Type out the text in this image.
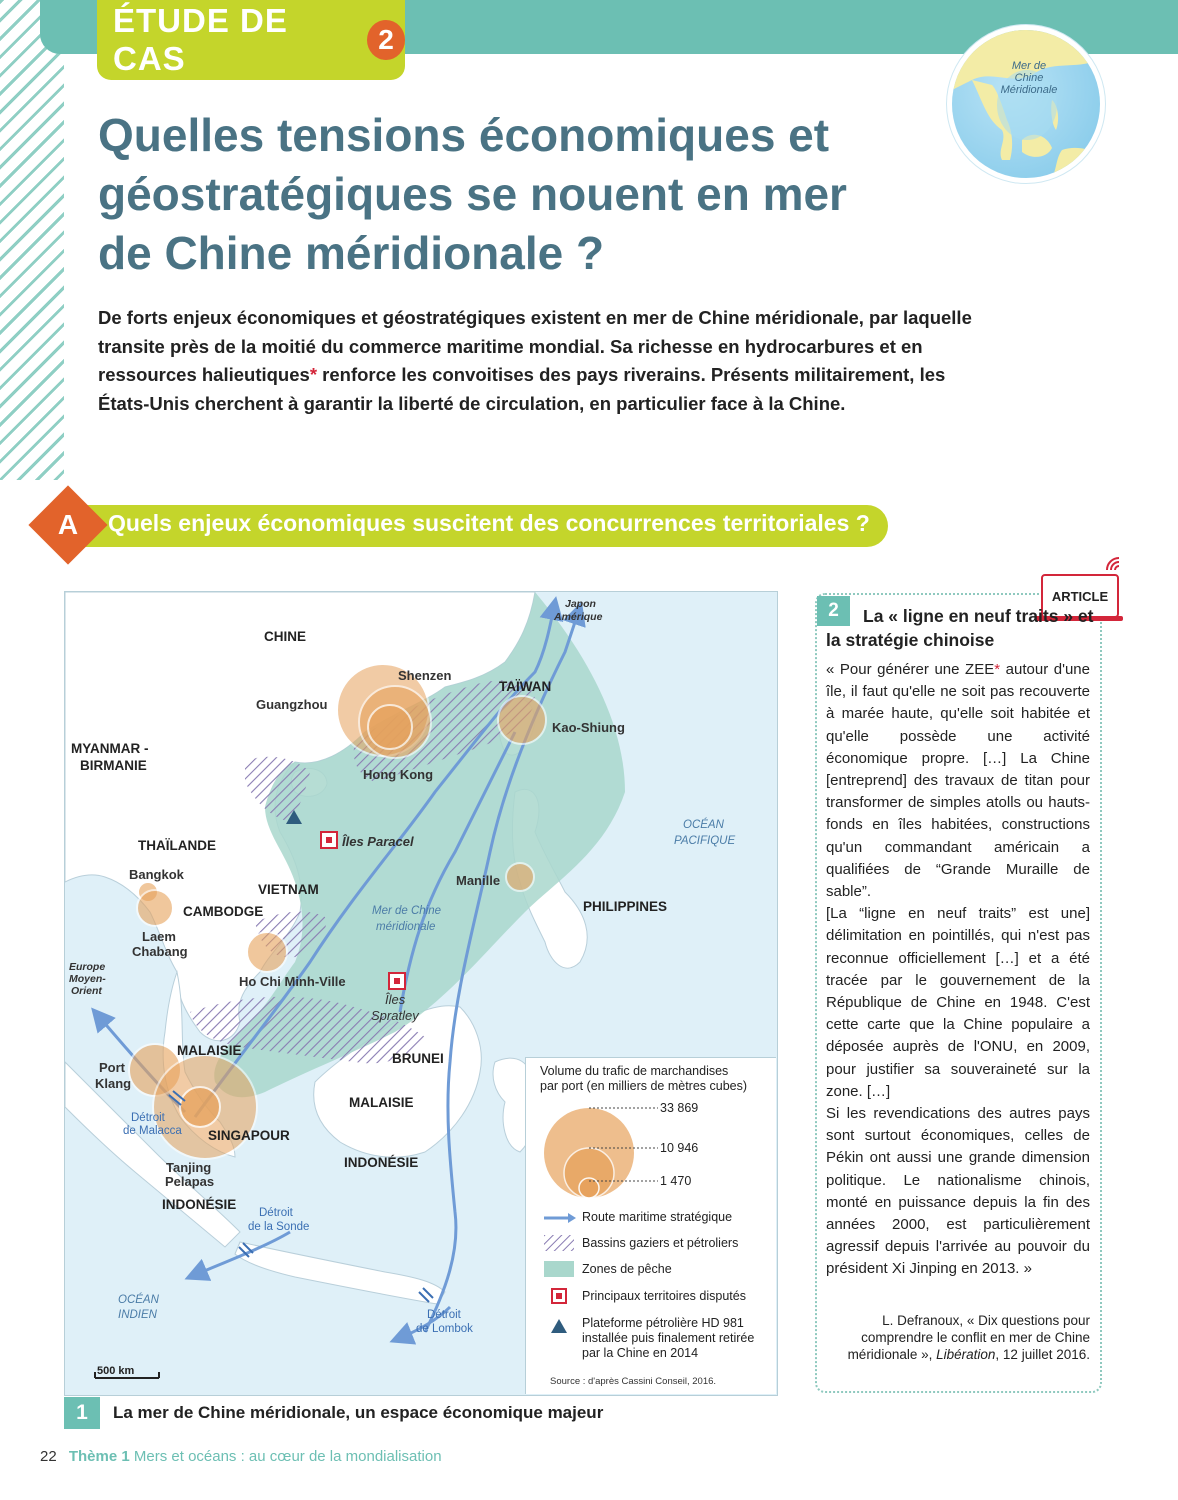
ÉTUDE DE CAS
2
Mer de Chine Méridionale
Quelles tensions économiques et géostratégiques se nouent en mer de Chine méridionale ?

De forts enjeux économiques et géostratégiques existent en mer de Chine méridionale, par laquelle transite près de la moitié du commerce maritime mondial. Sa richesse en hydrocarbures et en ressources halieutiques* renforce les convoitises des pays riverains. Présents militairement, les États-Unis cherchent à garantir la liberté de circulation, en particulier face à la Chine.

A	Quels enjeux économiques suscitent des concurrences territoriales ?
CHINE
MYANMAR -
BIRMANIE
THAÏLANDE
CAMBODGE
VIETNAM
TAÏWAN
PHILIPPINES
MALAISIE
MALAISIE
BRUNEI
SINGAPOUR
INDONÉSIE
INDONÉSIE
Shenzen
Guangzhou
Hong Kong
Kao-Shiung
Manille
Bangkok
Laem
Chabang
Ho Chi Minh-Ville
Port
Klang
Tanjing
Pelapas
Îles Paracel
Îles
Spratley
OCÉAN
PACIFIQUE
OCÉAN
INDIEN
Mer de Chine
méridionale
Japon
Amérique
Europe
Moyen-
Orient
Détroit
de Malacca
Détroit
de la Sonde
Détroit
de Lombok
500 km
Volume du trafic de marchandises
par port (en milliers de mètres cubes)
33 869
10 946
1 470
Route maritime stratégique
Bassins gaziers et pétroliers
Zones de pêche
Principaux territoires disputés
Plateforme pétrolière HD 981
installée puis finalement retirée
par la Chine en 2014
Source : d'après Cassini Conseil, 2016.
1	La mer de Chine méridionale, un espace économique majeur
2
ARTICLE

La « ligne en neuf traits » et la stratégie chinoise

« Pour générer une ZEE* autour d'une île, il faut qu'elle ne soit pas recouverte à marée haute, qu'elle soit habitée et qu'elle possède une activité économique propre. […] La Chine [entreprend] des travaux de titan pour transformer de simples atolls ou hauts-fonds en îles habitées, constructions qu'un commandant américain a qualifiées de “Grande Muraille de sable”.
[La “ligne en neuf traits” est une] délimitation en pointillés, qui n'est pas reconnue officiellement […] et a été tracée par le gouvernement de la République de Chine en 1948. C'est cette carte que la Chine populaire a déposée auprès de l'ONU, en 2009, pour justifier sa souveraineté sur la zone. […]
Si les revendications des autres pays sont surtout économiques, celles de Pékin ont aussi une grande dimension politique. Le nationalisme chinois, monté en puissance depuis la fin des années 2000, est particulièrement agressif depuis l'arrivée au pouvoir du président Xi Jinping en 2013. »

L. Defranoux, « Dix questions pour comprendre le conflit en mer de Chine méridionale », Libération, 12 juillet 2016.

22 Thème 1 Mers et océans : au cœur de la mondialisation
